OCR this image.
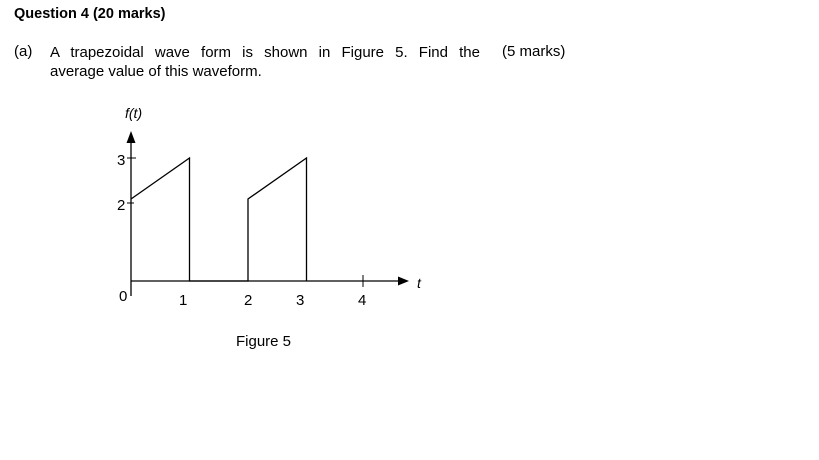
Question 4 (20 marks)
(a) A trapezoidal wave form is shown in Figure 5. Find the
average value of this waveform.
(5 marks)
f(t)
t
3
2
0	1	2	3	4
Figure 5
